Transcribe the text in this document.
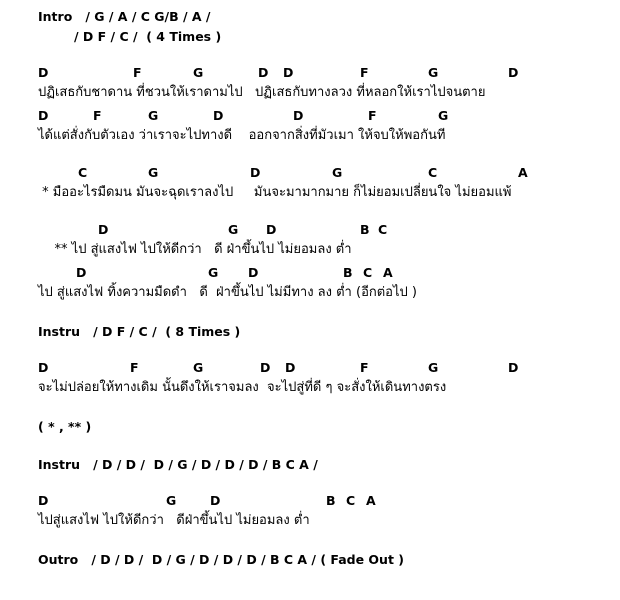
Intro / G / A / C G/B / A /
/ D F / C /  ( 4 Times )
D	F	G	D D	F	G	D
ปฏิเสธกับชาดาน ที่ชวนให้เราดามไป   ปฏิเสธกับทางลวง ที่หลอกให้เราไปจนตาย
D	F	G	D	D	F	G
ได้แต่สั่งกับตัวเอง ว่าเราจะไปทางดี    ออกจากสิ่งที่มัวเมา ให้จบให้พอกันที
C	G	D	G	C	A
* มืออะไรมืดมน มันจะฉุดเราลงไป     มันจะมามากมาย ก็ไม่ยอมเปลี่ยนใจ ไม่ยอมแพ้
D	G D	B C
** ไป สู่แสงไฟ ไปให้ดีกว่า   ดี ฝ่าขึ้นไป ไม่ยอมลง ต่ำ
D	G D	B C A
ไป สู่แสงไฟ ทิ้งความมืดดำ   ดี  ฝ่าขึ้นไป ไม่มีทาง ลง ต่ำ (อีกต่อไป )
Instru / D F / C /  ( 8 Times )
D	F	G	D D	F	G	D
จะไม่ปล่อยให้ทางเดิม นั้นดึงให้เราจมลง  จะไปสู่ที่ดี ๆ จะสั่งให้เดินทางตรง
( * , ** )
Instru / D / D /  D / G / D / D / D / B C A /
D	G	D	B C A
ไปสู่แสงไฟ ไปให้ดีกว่า   ดีฝ่าขึ้นไป ไม่ยอมลง ต่ำ
Outro / D / D /  D / G / D / D / D / B C A / ( Fade Out )
